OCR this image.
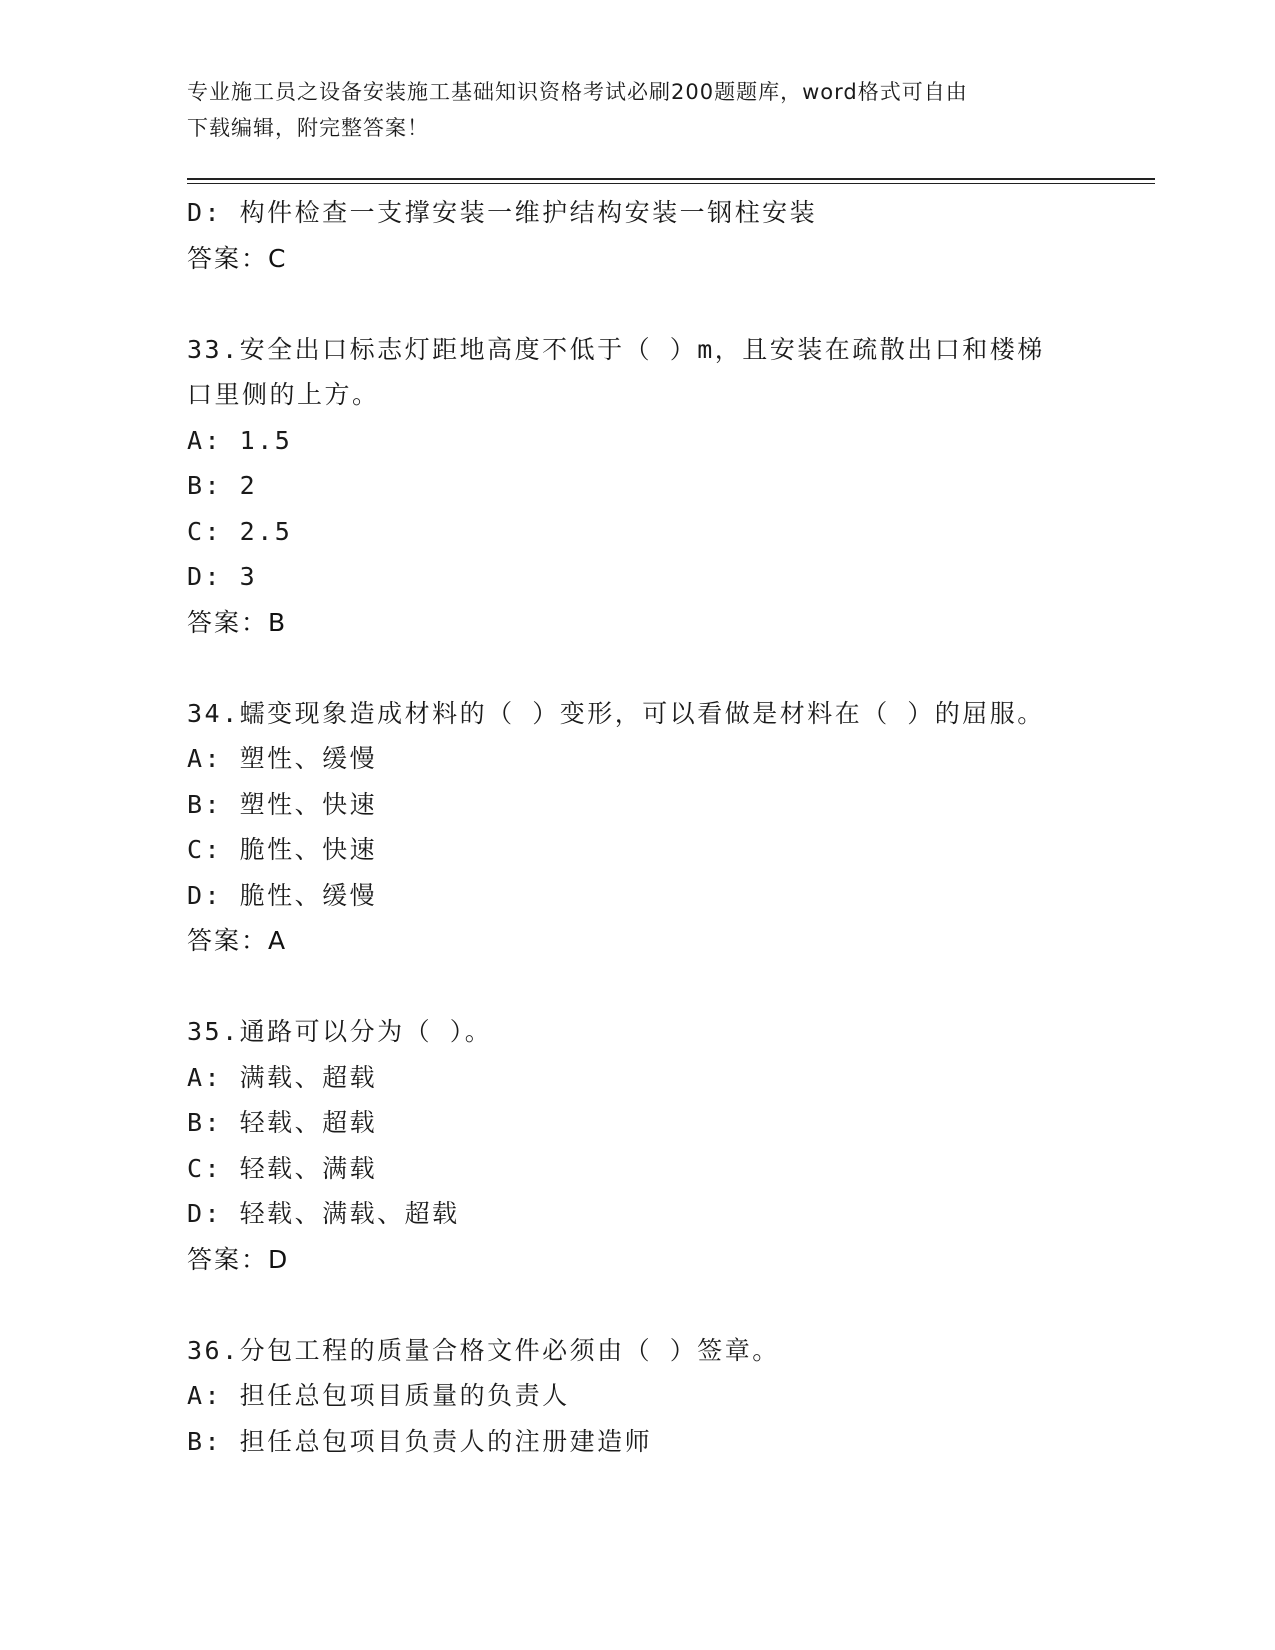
专业施工员之设备安装施工基础知识资格考试必刷200题题库，word格式可自由
下载编辑，附完整答案！
D: 构件检查一支撑安装一维护结构安装一钢柱安装
答案：C
33.安全出口标志灯距地高度不低于（ ）m，且安装在疏散出口和楼梯
口里侧的上方。
A: 1.5
B: 2
C: 2.5
D: 3
答案：B
34.蠕变现象造成材料的（ ）变形，可以看做是材料在（ ）的屈服。
A: 塑性、缓慢
B: 塑性、快速
C: 脆性、快速
D: 脆性、缓慢
答案：A
35.通路可以分为（ ）。
A: 满载、超载
B: 轻载、超载
C: 轻载、满载
D: 轻载、满载、超载
答案：D
36.分包工程的质量合格文件必须由（ ）签章。
A: 担任总包项目质量的负责人
B: 担任总包项目负责人的注册建造师
